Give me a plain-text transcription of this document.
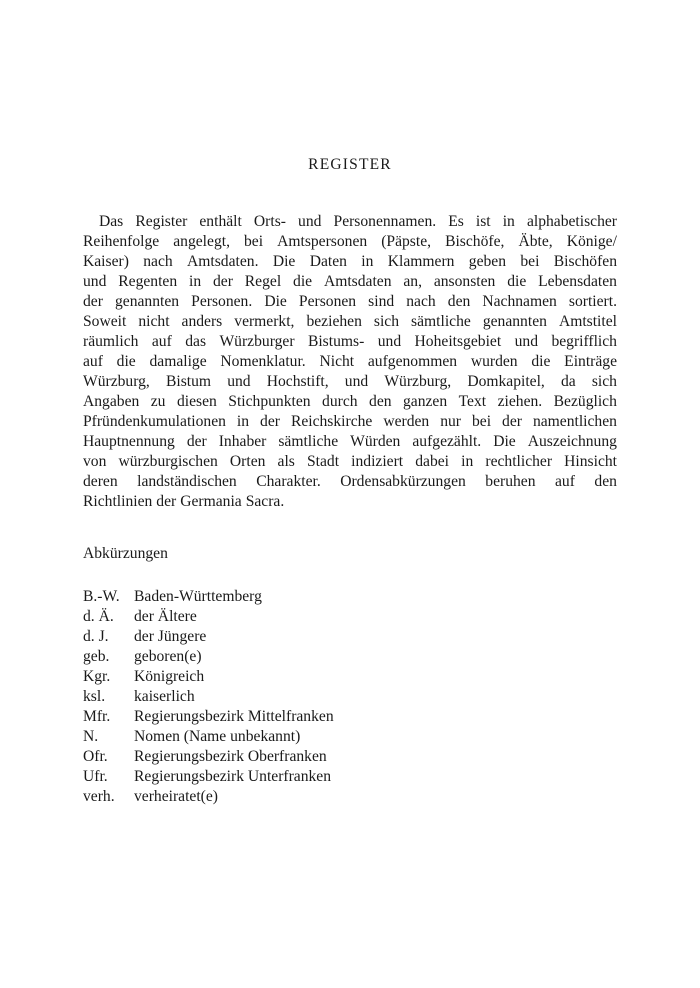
REGISTER
Das Register enthält Orts- und Personennamen. Es ist in alphabetischer
Reihenfolge angelegt, bei Amtspersonen (Päpste, Bischöfe, Äbte, Könige/
Kaiser) nach Amtsdaten. Die Daten in Klammern geben bei Bischöfen
und Regenten in der Regel die Amtsdaten an, ansonsten die Lebensdaten
der genannten Personen. Die Personen sind nach den Nachnamen sortiert.
Soweit nicht anders vermerkt, beziehen sich sämtliche genannten Amtstitel
räumlich auf das Würzburger Bistums- und Hoheitsgebiet und begrifflich
auf die damalige Nomenklatur. Nicht aufgenommen wurden die Einträge
Würzburg, Bistum und Hochstift, und Würzburg, Domkapitel, da sich
Angaben zu diesen Stichpunkten durch den ganzen Text ziehen. Bezüglich
Pfründenkumulationen in der Reichskirche werden nur bei der namentlichen
Hauptnennung der Inhaber sämtliche Würden aufgezählt. Die Auszeichnung
von würzburgischen Orten als Stadt indiziert dabei in rechtlicher Hinsicht
deren landständischen Charakter. Ordensabkürzungen beruhen auf den
Richtlinien der Germania Sacra.
Abkürzungen
B.-W. Baden-Württemberg
d. Ä.	der Ältere
d. J.	der Jüngere
geb.	geboren(e)
Kgr.	Königreich
ksl.	kaiserlich
Mfr.	Regierungsbezirk Mittelfranken
N.	Nomen (Name unbekannt)
Ofr.	Regierungsbezirk Oberfranken
Ufr.	Regierungsbezirk Unterfranken
verh.	verheiratet(e)
